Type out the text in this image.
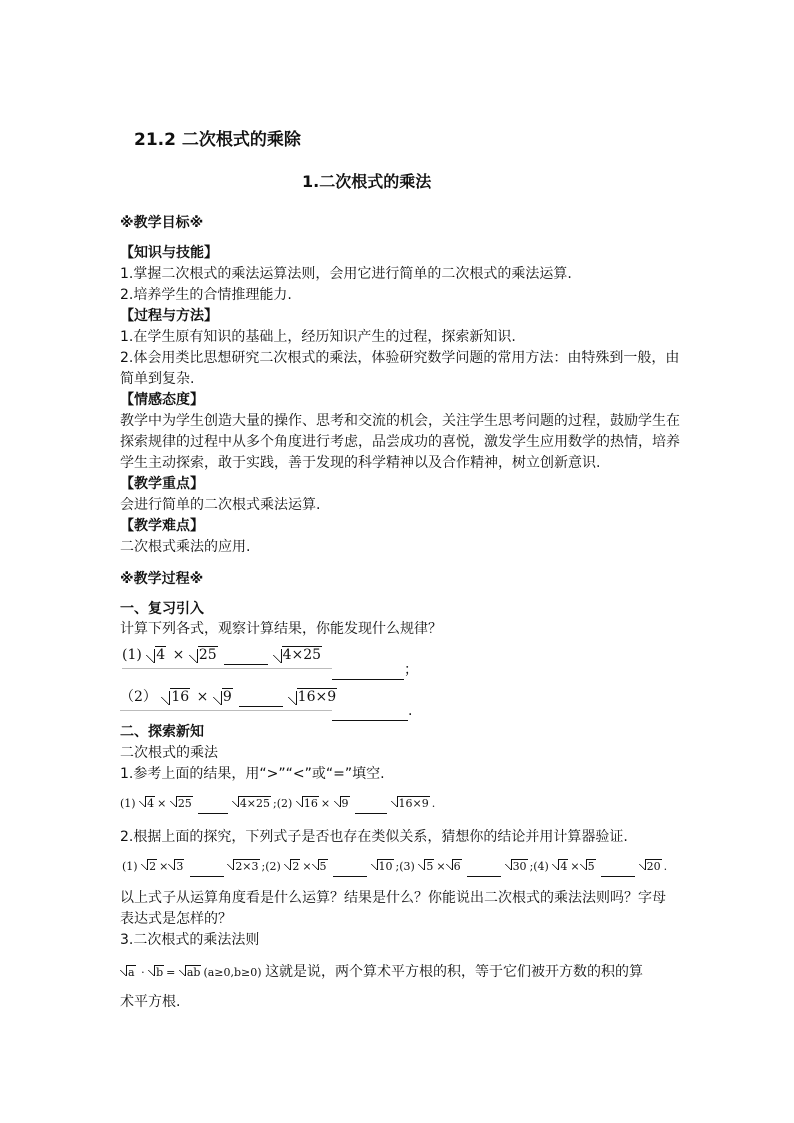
21.2 二次根式的乘除
1.二次根式的乘法
※教学目标※
【知识与技能】
1.掌握二次根式的乘法运算法则，会用它进行简单的二次根式的乘法运算.
2.培养学生的合情推理能力.
【过程与方法】
1.在学生原有知识的基础上，经历知识产生的过程，探索新知识.
2.体会用类比思想研究二次根式的乘法，体验研究数学问题的常用方法：由特殊到一般，由
简单到复杂.
【情感态度】
教学中为学生创造大量的操作、思考和交流的机会，关注学生思考问题的过程，鼓励学生在
探索规律的过程中从多个角度进行考虑，品尝成功的喜悦，激发学生应用数学的热情，培养
学生主动探索，敢于实践，善于发现的科学精神以及合作精神，树立创新意识.
【教学重点】
会进行简单的二次根式乘法运算.
【教学难点】
二次根式乘法的应用.
※教学过程※
一、复习引入
计算下列各式，观察计算结果，你能发现什么规律？
(1) 4 × 25	4×25
；
（2） 16 × 9	16×9
.
二、探索新知
二次根式的乘法
1.参考上面的结果，用“>”“<”或“=”填空.
(1) 4 × 25	4×25 ;(2) 16 × 9	16×9 .
2.根据上面的探究，下列式子是否也存在类似关系，猜想你的结论并用计算器验证.
(1) 2 × 3	2×3 ;(2) 2 × 5	10 ;(3) 5 × 6	30 ;(4) 4 × 5	20 .
以上式子从运算角度看是什么运算？结果是什么？你能说出二次根式的乘法法则吗？字母
表达式是怎样的？
3.二次根式的乘法法则
a · b = ab (a≥0,b≥0) 这就是说，两个算术平方根的积，等于它们被开方数的积的算
术平方根.
